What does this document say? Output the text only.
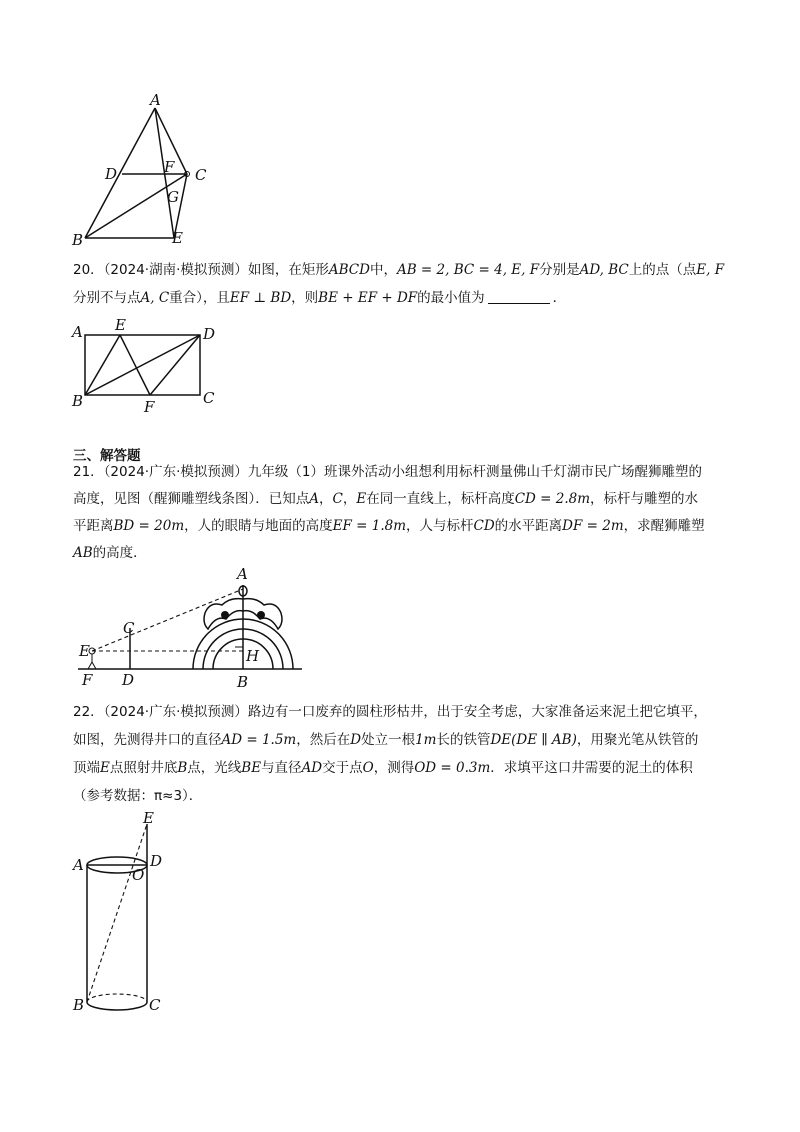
A
D	F C
G
B	E
20．（2024·湖南·模拟预测）如图，在矩形ABCD中，AB = 2, BC = 4, E, F分别是AD, BC上的点（点E, F
分别不与点A, C重合），且EF ⊥ BD，则BE + EF + DF的最小值为	．
A E	D
B	F	C
三、解答题
21．（2024·广东·模拟预测）九年级（1）班课外活动小组想利用标杆测量佛山千灯湖市民广场醒狮雕塑的
高度，见图（醒狮雕塑线条图）．已知点A，C，E在同一直线上，标杆高度CD = 2.8m，标杆与雕塑的水
平距离BD = 20m，人的眼睛与地面的高度EF = 1.8m，人与标杆CD的水平距离DF = 2m，求醒狮雕塑
AB的高度．
A
C
E	H
F D	B
22．（2024·广东·模拟预测）路边有一口废弃的圆柱形枯井，出于安全考虑，大家准备运来泥土把它填平，
如图，先测得井口的直径AD = 1.5m，然后在D处立一根1m长的铁管DE(DE ∥ AB)，用聚光笔从铁管的
顶端E点照射井底B点，光线BE与直径AD交于点O，测得OD = 0.3m．求填平这口井需要的泥土的体积
（参考数据：π≈3）．
E
A	D
O
B	C
